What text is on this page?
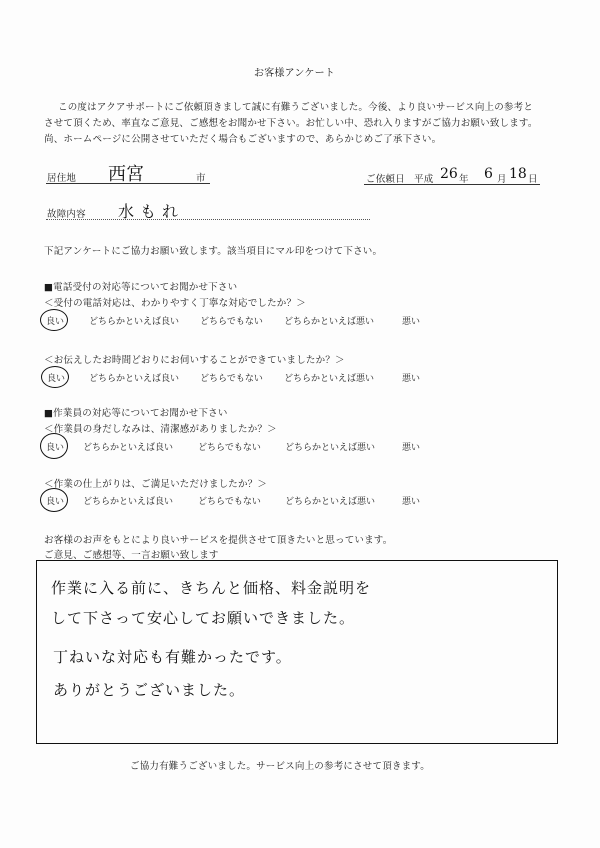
お客様アンケート
この度はアクアサポートにご依頼頂きまして誠に有難うございました。今後、より良いサービス向上の参考と
させて頂くため、率直なご意見、ご感想をお聞かせ下さい。お忙しい中、恐れ入りますがご協力お願い致します。
尚、ホームページに公開させていただく場合もございますので、あらかじめご了承下さい。
居住地 西宮	市	ご依頼日 平成 26 年 6 月 18 日
故障内容 水もれ
下記アンケートにご協力お願い致します。該当項目にマル印をつけて下さい。
■電話受付の対応等についてお聞かせ下さい
＜受付の電話対応は、わかりやすく丁寧な対応でしたか？＞
良い	どちらかといえば良い どちらでもない どちらかといえば悪い	悪い
＜お伝えしたお時間どおりにお伺いすることができていましたか？＞
良い	どちらかといえば良い どちらでもない どちらかといえば悪い	悪い
■作業員の対応等についてお聞かせ下さい
＜作業員の身だしなみは、清潔感がありましたか？＞
良い どちらかといえば良い	どちらでもない	どちらかといえば悪い	悪い
＜作業の仕上がりは、ご満足いただけましたか？＞
良い どちらかといえば良い	どちらでもない	どちらかといえば悪い	悪い
お客様のお声をもとにより良いサービスを提供させて頂きたいと思っています。
ご意見、ご感想等、一言お願い致します
作業に入る前に、きちんと価格、料金説明を
して下さって安心してお願いできました。
丁ねいな対応も有難かったです。
ありがとうございました。
ご協力有難うございました。サービス向上の参考にさせて頂きます。
